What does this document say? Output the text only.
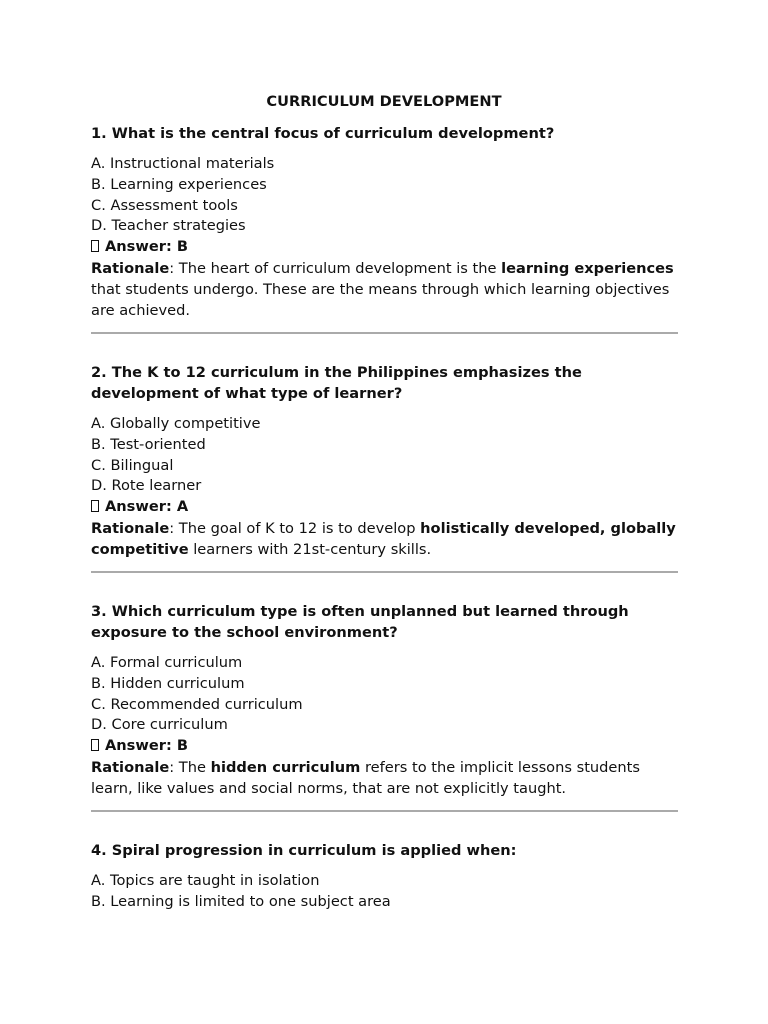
CURRICULUM DEVELOPMENT

1. What is the central focus of curriculum development?

A. Instructional materials
B. Learning experiences
C. Assessment tools
D. Teacher strategies

Answer: B

Rationale: The heart of curriculum development is the learning experiences that students undergo. These are the means through which learning objectives are achieved.

2. The K to 12 curriculum in the Philippines emphasizes the development of what type of learner?

A. Globally competitive
B. Test-oriented
C. Bilingual
D. Rote learner

Answer: A

Rationale: The goal of K to 12 is to develop holistically developed, globally competitive learners with 21st-century skills.

3. Which curriculum type is often unplanned but learned through exposure to the school environment?

A. Formal curriculum
B. Hidden curriculum
C. Recommended curriculum
D. Core curriculum

Answer: B

Rationale: The hidden curriculum refers to the implicit lessons students learn, like values and social norms, that are not explicitly taught.

4. Spiral progression in curriculum is applied when:

A. Topics are taught in isolation
B. Learning is limited to one subject area
